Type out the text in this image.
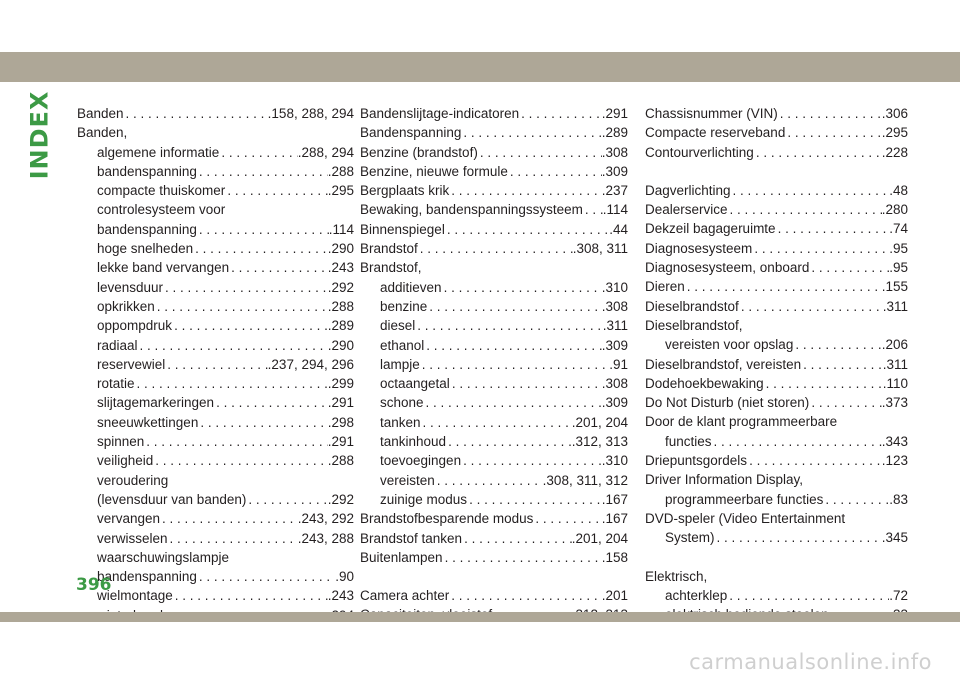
INDEX Banden . . .	.158, 288, 294
Banden,
algemene informatie . . .	.288, 294
bandenspanning . . .	.288
compacte thuiskomer . . .	.295
controlesysteem voor
bandenspanning . . .	.114
hoge snelheden . . .	.290
lekke band vervangen . . .	.243
levensduur . . .	.292
opkrikken . . .	.288
oppompdruk . . .	.289
radiaal . . .	.290
reservewiel . . .	.237, 294, 296
rotatie . . .	.299
slijtagemarkeringen . . .	.291
sneeuwkettingen . . .	.298
spinnen . . .	.291
veiligheid . . .	.288
veroudering
(levensduur van banden) . . .	.292
vervangen . . .	.243, 292
verwisselen . . .	.243, 288
waarschuwingslampje
bandenspanning . . .	.90
wielmontage . . .	.243
. . .
Bandenslijtage-indicatoren . . .	.291
Bandenspanning . . .	.289
Benzine (brandstof) . . .	.308
Benzine, nieuwe formule . . .	.309
Bergplaats krik . . .	.237
Bewaking, bandenspanningssysteem . . . .114
Binnenspiegel . . .	.44
Brandstof . . .	.308, 311
Brandstof,
additieven . . .	.310
benzine . . .	.308
diesel . . .	.311
ethanol . . .	.309
lampje . . .	.91
octaangetal . . .	.308
schone . . .	.309
tanken . . .	.201, 204
tankinhoud . . .	.312, 313
toevoegingen . . .	.310
vereisten . . .	.308, 311, 312
zuinige modus . . .	.167
Brandstofbesparende modus . . .	.167
Brandstof tanken . . .	.201, 204
Buitenlampen . . .	.158
Camera achter . . .	.201
. . .
Chassisnummer (VIN) . . .	.306
Compacte reserveband . . .	.295
Contourverlichting . . .	.228
Dagverlichting . . .	.48
Dealerservice . . .	.280
Dekzeil bagageruimte . . .	.74
Diagnosesysteem . . .	.95
Diagnosesysteem, onboard . . .	.95
Dieren . . .	.155
Dieselbrandstof . . .	.311
Dieselbrandstof,
vereisten voor opslag . . .	.206
Dieselbrandstof, vereisten . . .	.311
Dodehoekbewaking . . .	.110
Do Not Disturb (niet storen) . . .	.373
Door de klant programmeerbare
functies . . .	.343
Driepuntsgordels . . .	.123
Driver Information Display,
programmeerbare functies . . .	.83
DVD-speler (Video Entertainment
System) . . .	.345
Elektrisch,
achterklep . . .	.72
. . .
396
carmanualsonline.info
